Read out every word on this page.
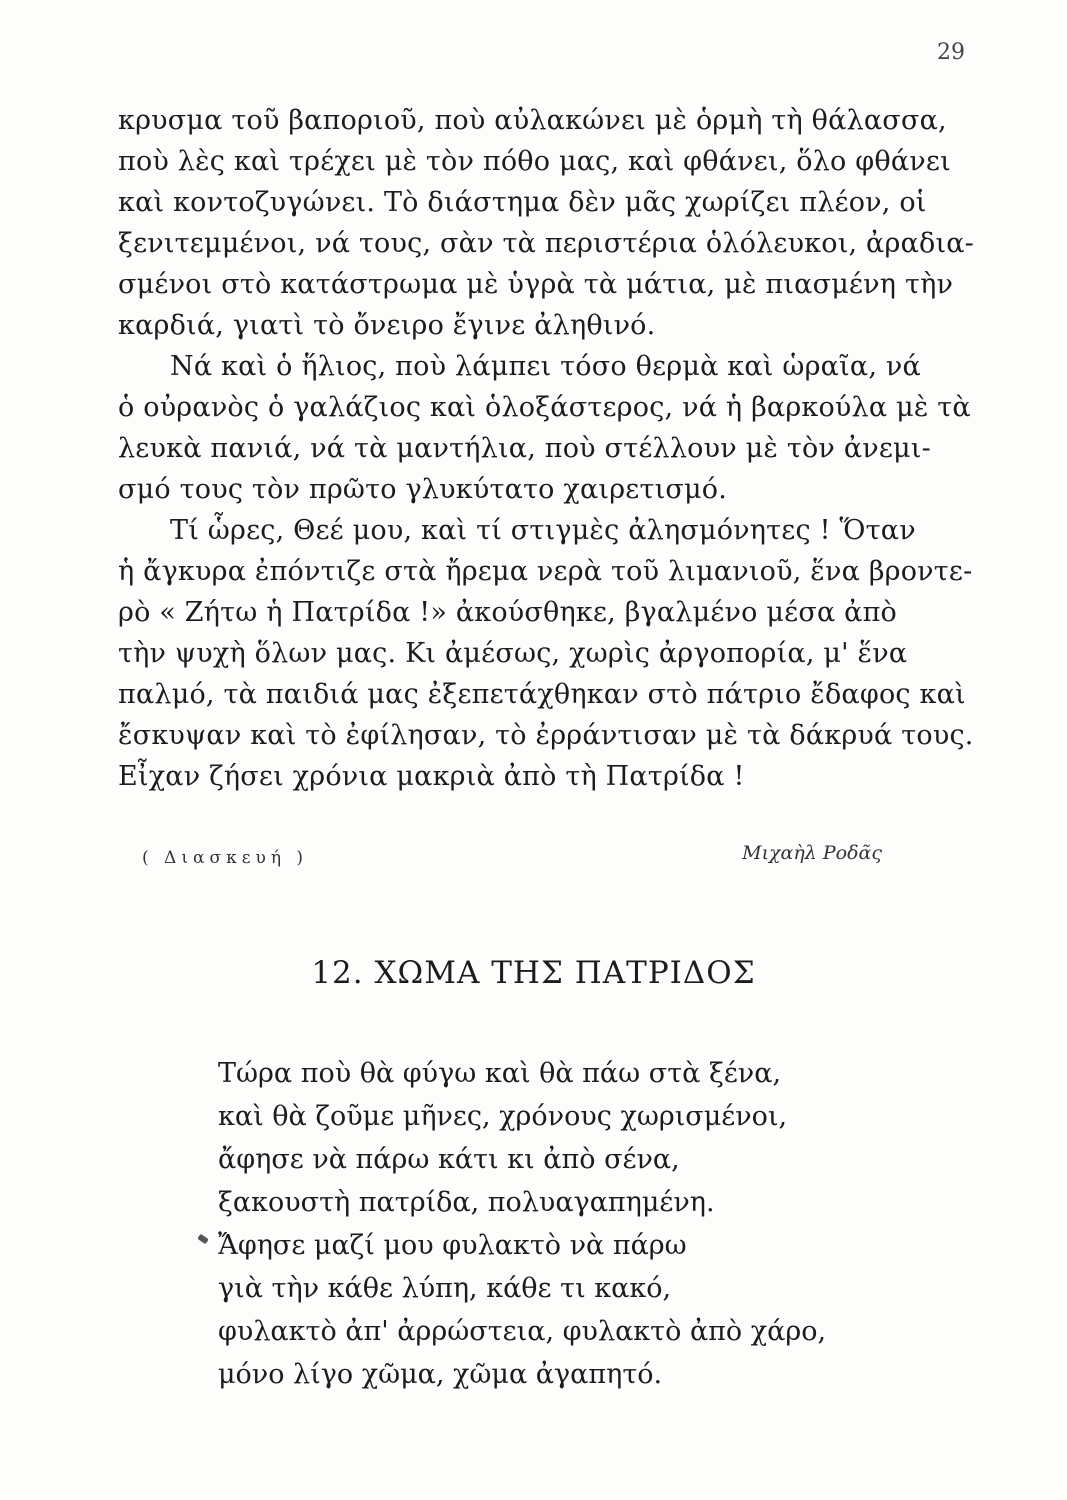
29
κρυσμα τοῦ βαποριοῦ, ποὺ αὐλακώνει μὲ ὁρμὴ τὴ θάλασσα,
ποὺ λὲς καὶ τρέχει μὲ τὸν πόθο μας, καὶ φθάνει, ὅλο φθάνει
καὶ κοντοζυγώνει. Τὸ διάστημα δὲν μᾶς χωρίζει πλέον, οἱ
ξενιτεμμένοι, νά τους, σὰν τὰ περιστέρια ὁλόλευκοι, ἀραδια-
σμένοι στὸ κατάστρωμα μὲ ὑγρὰ τὰ μάτια, μὲ πιασμένη τὴν
καρδιά, γιατὶ τὸ ὄνειρο ἔγινε ἀληθινό.
Νά καὶ ὁ ἥλιος, ποὺ λάμπει τόσο θερμὰ καὶ ὡραῖα, νά
ὁ οὐρανὸς ὁ γαλάζιος καὶ ὁλοξάστερος, νά ἡ βαρκούλα μὲ τὰ
λευκὰ πανιά, νά τὰ μαντήλια, ποὺ στέλλουν μὲ τὸν ἀνεμι-
σμό τους τὸν πρῶτο γλυκύτατο χαιρετισμό.
Τί ὧρες, Θεέ μου, καὶ τί στιγμὲς ἀλησμόνητες ! Ὅταν
ἡ ἄγκυρα ἐπόντιζε στὰ ἤρεμα νερὰ τοῦ λιμανιοῦ, ἕνα βροντε-
ρὸ « Ζήτω ἡ Πατρίδα !» ἀκούσθηκε, βγαλμένο μέσα ἀπὸ
τὴν ψυχὴ ὅλων μας. Κι ἀμέσως, χωρὶς ἀργοπορία, μ' ἕνα
παλμό, τὰ παιδιά μας ἐξεπετάχθηκαν στὸ πάτριο ἔδαφος καὶ
ἔσκυψαν καὶ τὸ ἐφίλησαν, τὸ ἐρράντισαν μὲ τὰ δάκρυά τους.
Εἶχαν ζήσει χρόνια μακριὰ ἀπὸ τὴ Πατρίδα !
( Διασκευή )	Μιχαὴλ Ροδᾶς
12. ΧΩΜΑ ΤΗΣ ΠΑΤΡΙΔΟΣ
Τώρα ποὺ θὰ φύγω καὶ θὰ πάω στὰ ξένα,
καὶ θὰ ζοῦμε μῆνες, χρόνους χωρισμένοι,
ἄφησε νὰ πάρω κάτι κι ἀπὸ σένα,
ξακουστὴ πατρίδα, πολυαγαπημένη.
Ἄφησε μαζί μου φυλακτὸ νὰ πάρω
γιὰ τὴν κάθε λύπη, κάθε τι κακό,
φυλακτὸ ἀπ' ἀρρώστεια, φυλακτὸ ἀπὸ χάρο,
μόνο λίγο χῶμα, χῶμα ἀγαπητό.
